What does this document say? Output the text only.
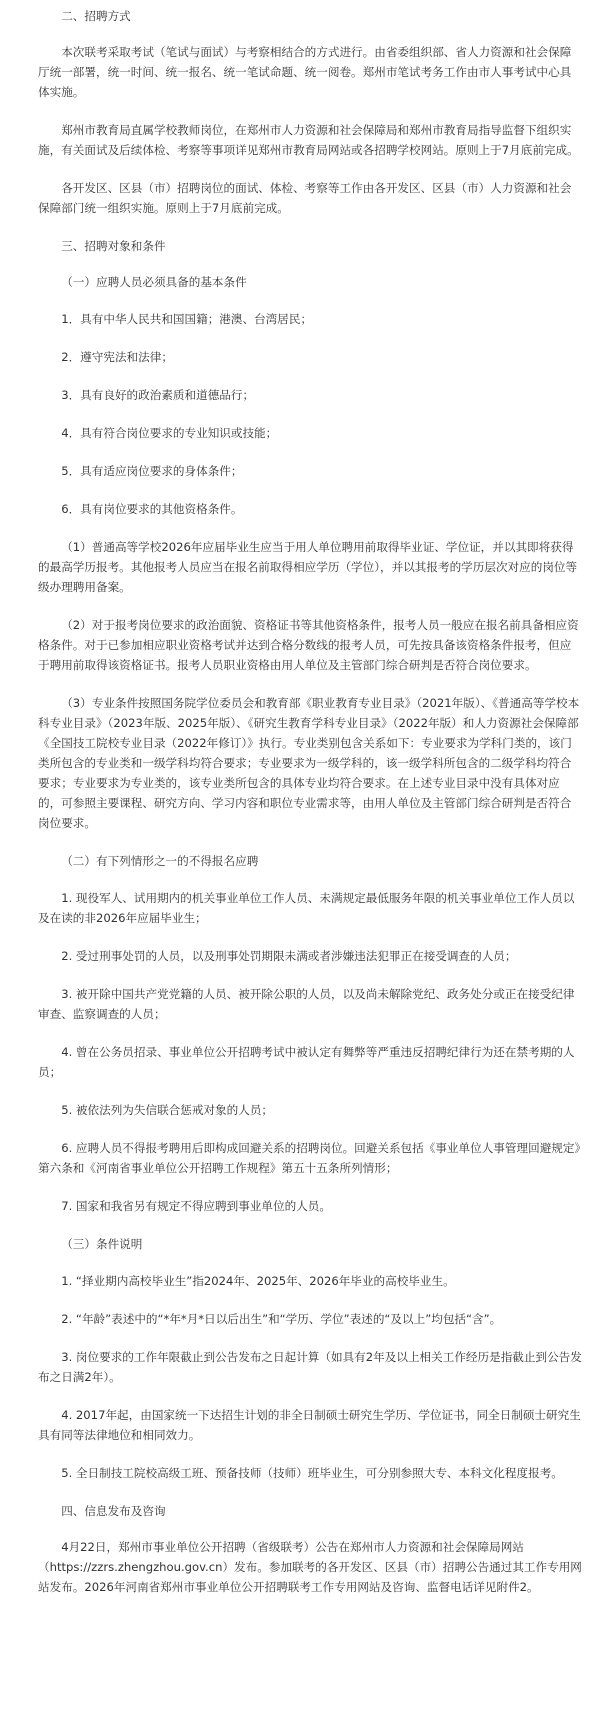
二、招聘方式

本次联考采取考试（笔试与面试）与考察相结合的方式进行。由省委组织部、省人力资源和社会保障厅统一部署，统一时间、统一报名、统一笔试命题、统一阅卷。郑州市笔试考务工作由市人事考试中心具体实施。

郑州市教育局直属学校教师岗位，在郑州市人力资源和社会保障局和郑州市教育局指导监督下组织实施，有关面试及后续体检、考察等事项详见郑州市教育局网站或各招聘学校网站。原则上于7月底前完成。

各开发区、区县（市）招聘岗位的面试、体检、考察等工作由各开发区、区县（市）人力资源和社会保障部门统一组织实施。原则上于7月底前完成。

三、招聘对象和条件

（一）应聘人员必须具备的基本条件

1．具有中华人民共和国国籍；港澳、台湾居民；

2．遵守宪法和法律；

3．具有良好的政治素质和道德品行；

4．具有符合岗位要求的专业知识或技能；

5．具有适应岗位要求的身体条件；

6．具有岗位要求的其他资格条件。

（1）普通高等学校2026年应届毕业生应当于用人单位聘用前取得毕业证、学位证，并以其即将获得的最高学历报考。其他报考人员应当在报名前取得相应学历（学位），并以其报考的学历层次对应的岗位等级办理聘用备案。

（2）对于报考岗位要求的政治面貌、资格证书等其他资格条件，报考人员一般应在报名前具备相应资格条件。对于已参加相应职业资格考试并达到合格分数线的报考人员，可先按具备该资格条件报考，但应于聘用前取得该资格证书。报考人员职业资格由用人单位及主管部门综合研判是否符合岗位要求。

（3）专业条件按照国务院学位委员会和教育部《职业教育专业目录》（2021年版）、《普通高等学校本科专业目录》（2023年版、2025年版）、《研究生教育学科专业目录》（2022年版）和人力资源社会保障部《全国技工院校专业目录（2022年修订）》执行。专业类别包含关系如下：专业要求为学科门类的，该门类所包含的专业类和一级学科均符合要求；专业要求为一级学科的，该一级学科所包含的二级学科均符合要求；专业要求为专业类的，该专业类所包含的具体专业均符合要求。在上述专业目录中没有具体对应的，可参照主要课程、研究方向、学习内容和职位专业需求等，由用人单位及主管部门综合研判是否符合岗位要求。

（二）有下列情形之一的不得报名应聘

1. 现役军人、试用期内的机关事业单位工作人员、未满规定最低服务年限的机关事业单位工作人员以及在读的非2026年应届毕业生；

2. 受过刑事处罚的人员，以及刑事处罚期限未满或者涉嫌违法犯罪正在接受调查的人员；

3. 被开除中国共产党党籍的人员、被开除公职的人员，以及尚未解除党纪、政务处分或正在接受纪律审查、监察调查的人员；

4. 曾在公务员招录、事业单位公开招聘考试中被认定有舞弊等严重违反招聘纪律行为还在禁考期的人员；

5. 被依法列为失信联合惩戒对象的人员；

6. 应聘人员不得报考聘用后即构成回避关系的招聘岗位。回避关系包括《事业单位人事管理回避规定》第六条和《河南省事业单位公开招聘工作规程》第五十五条所列情形；

7. 国家和我省另有规定不得应聘到事业单位的人员。

（三）条件说明

1. “择业期内高校毕业生”指2024年、2025年、2026年毕业的高校毕业生。

2. “年龄”表述中的“*年*月*日以后出生”和“学历、学位”表述的“及以上”均包括“含”。

3. 岗位要求的工作年限截止到公告发布之日起计算（如具有2年及以上相关工作经历是指截止到公告发布之日满2年）。

4. 2017年起，由国家统一下达招生计划的非全日制硕士研究生学历、学位证书，同全日制硕士研究生具有同等法律地位和相同效力。

5. 全日制技工院校高级工班、预备技师（技师）班毕业生，可分别参照大专、本科文化程度报考。

四、信息发布及咨询

4月22日，郑州市事业单位公开招聘（省级联考）公告在郑州市人力资源和社会保障局网站（https://zzrs.zhengzhou.gov.cn）发布。参加联考的各开发区、区县（市）招聘公告通过其工作专用网站发布。2026年河南省郑州市事业单位公开招聘联考工作专用网站及咨询、监督电话详见附件2。
